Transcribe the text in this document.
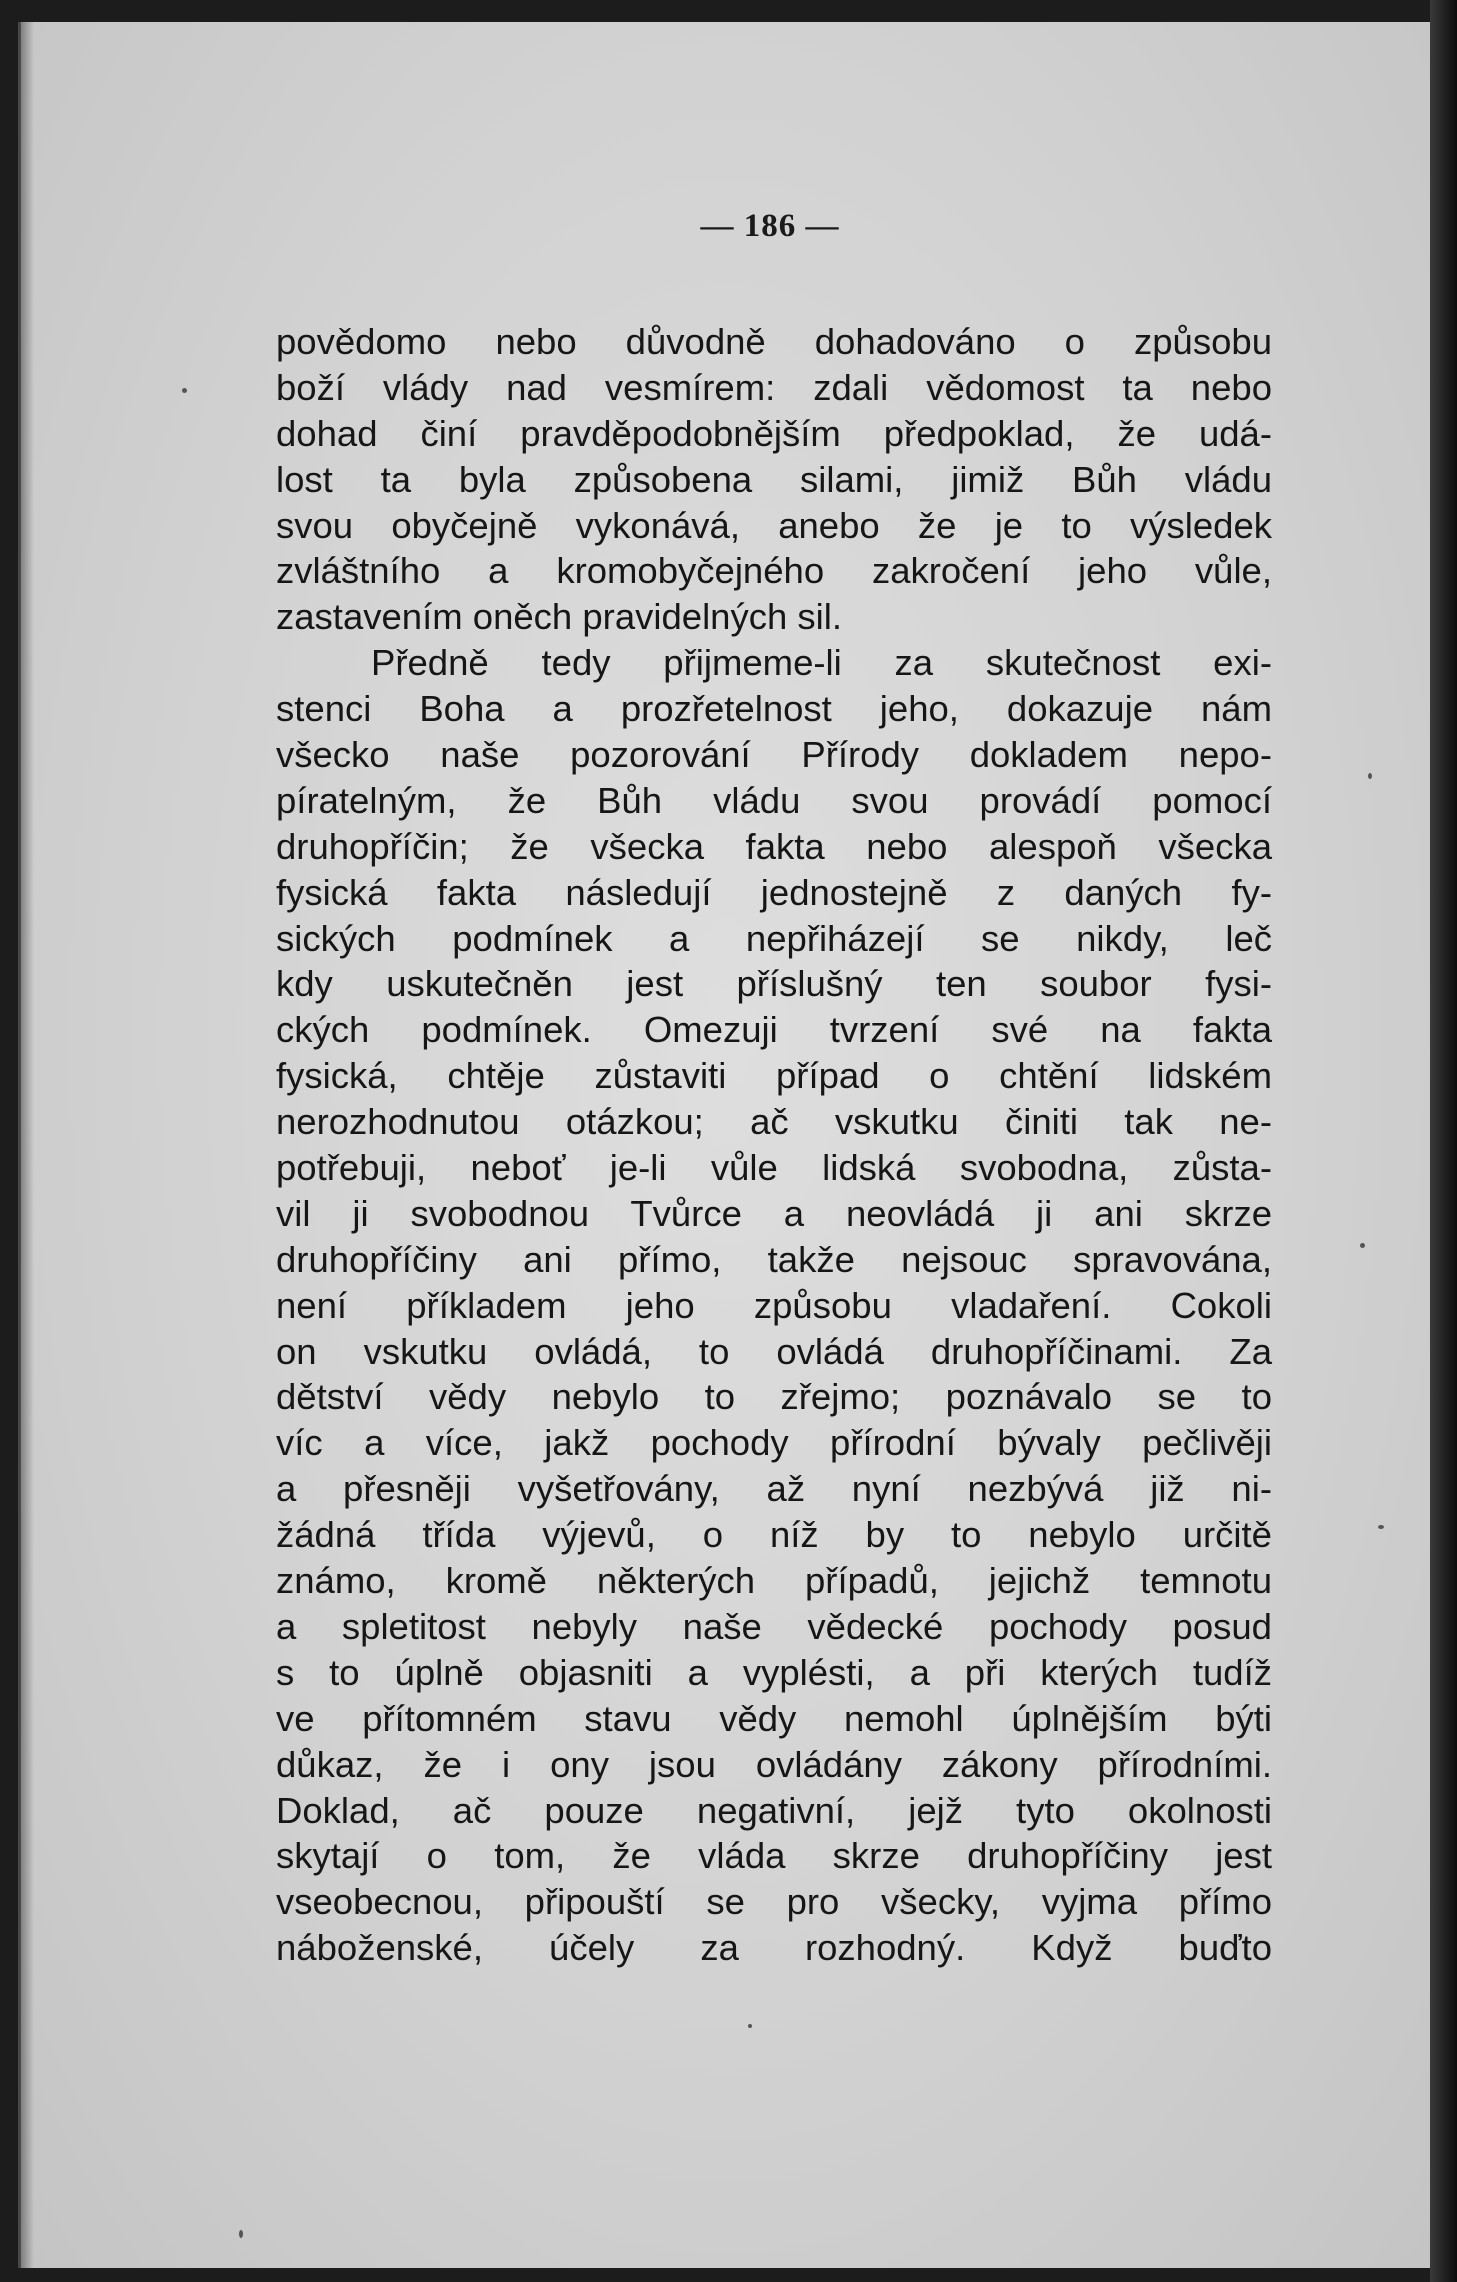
— 186 —
povědomo nebo důvodně dohadováno o způsobu
boží vlády nad vesmírem: zdali vědomost ta nebo
dohad činí pravděpodobnějším předpoklad, že udá-
lost ta byla způsobena silami, jimiž Bůh vládu
svou obyčejně vykonává, anebo že je to výsledek
zvláštního a kromobyčejného zakročení jeho vůle,
zastavením oněch pravidelných sil.
Předně tedy přijmeme-li za skutečnost exi-
stenci Boha a prozřetelnost jeho, dokazuje nám
všecko naše pozorování Přírody dokladem nepo-
píratelným, že Bůh vládu svou provádí pomocí
druhopříčin; že všecka fakta nebo alespoň všecka
fysická fakta následují jednostejně z daných fy-
sických podmínek a nepřiházejí se nikdy, leč
kdy uskutečněn jest příslušný ten soubor fysi-
ckých podmínek. Omezuji tvrzení své na fakta
fysická, chtěje zůstaviti případ o chtění lidském
nerozhodnutou otázkou; ač vskutku činiti tak ne-
potřebuji, neboť je-li vůle lidská svobodna, zůsta-
vil ji svobodnou Tvůrce a neovládá ji ani skrze
druhopříčiny ani přímo, takže nejsouc spravována,
není příkladem jeho způsobu vladaření. Cokoli
on vskutku ovládá, to ovládá druhopříčinami. Za
dětství vědy nebylo to zřejmo; poznávalo se to
víc a více, jakž pochody přírodní bývaly pečlivěji
a přesněji vyšetřovány, až nyní nezbývá již ni-
žádná třída výjevů, o níž by to nebylo určitě
známo, kromě některých případů, jejichž temnotu
a spletitost nebyly naše vědecké pochody posud
s to úplně objasniti a vyplésti, a při kterých tudíž
ve přítomném stavu vědy nemohl úplnějším býti
důkaz, že i ony jsou ovládány zákony přírodními.
Doklad, ač pouze negativní, jejž tyto okolnosti
skytají o tom, že vláda skrze druhopříčiny jest
vseobecnou, připouští se pro všecky, vyjma přímo
náboženské, účely za rozhodný. Když buďto
